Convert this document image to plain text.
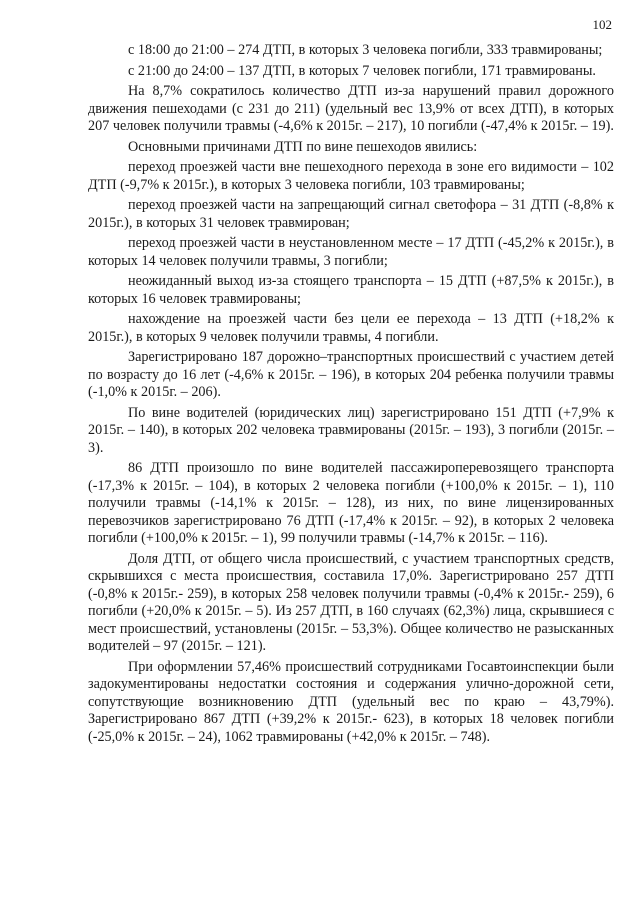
102

с 18:00 до 21:00 – 274 ДТП, в которых 3 человека погибли, 333 травмированы;

с 21:00 до 24:00 – 137 ДТП, в которых 7 человек погибли, 171 травмированы.

На 8,7% сократилось количество ДТП из-за нарушений правил дорожного движения пешеходами (с 231 до 211) (удельный вес 13,9% от всех ДТП), в которых 207 человек получили травмы (-4,6% к 2015г. – 217), 10 погибли (-47,4% к 2015г. – 19).

Основными причинами ДТП по вине пешеходов явились:

переход проезжей части вне пешеходного перехода в зоне его видимости – 102 ДТП (-9,7% к 2015г.), в которых 3 человека погибли, 103 травмированы;

переход проезжей части на запрещающий сигнал светофора – 31 ДТП (-8,8% к 2015г.), в которых 31 человек травмирован;

переход проезжей части в неустановленном месте – 17 ДТП (-45,2% к 2015г.), в которых 14 человек получили травмы, 3 погибли;

неожиданный выход из-за стоящего транспорта – 15 ДТП (+87,5% к 2015г.), в которых 16 человек травмированы;

нахождение на проезжей части без цели ее перехода – 13 ДТП (+18,2% к 2015г.), в которых 9 человек получили травмы, 4 погибли.

Зарегистрировано 187 дорожно–транспортных происшествий с участием детей по возрасту до 16 лет (-4,6% к 2015г. – 196), в которых 204 ребенка получили травмы (-1,0% к 2015г. – 206).

По вине водителей (юридических лиц) зарегистрировано 151 ДТП (+7,9% к 2015г. – 140), в которых 202 человека травмированы (2015г. – 193), 3 погибли (2015г. – 3).

86 ДТП произошло по вине водителей пассажироперевозящего транспорта (-17,3% к 2015г. – 104), в которых 2 человека погибли (+100,0% к 2015г. – 1), 110 получили травмы (-14,1% к 2015г. – 128), из них, по вине лицензированных перевозчиков зарегистрировано 76 ДТП (-17,4% к 2015г. – 92), в которых 2 человека погибли (+100,0% к 2015г. – 1), 99 получили травмы (-14,7% к 2015г. – 116).

Доля ДТП, от общего числа происшествий, с участием транспортных средств, скрывшихся с места происшествия, составила 17,0%. Зарегистрировано 257 ДТП (-0,8% к 2015г.- 259), в которых 258 человек получили травмы (-0,4% к 2015г.- 259), 6 погибли (+20,0% к 2015г. – 5). Из 257 ДТП, в 160 случаях (62,3%) лица, скрывшиеся с мест происшествий, установлены (2015г. – 53,3%). Общее количество не разысканных водителей – 97 (2015г. – 121).

При оформлении 57,46% происшествий сотрудниками Госавтоинспекции были задокументированы недостатки состояния и содержания улично-дорожной сети, сопутствующие возникновению ДТП (удельный вес по краю – 43,79%). Зарегистрировано 867 ДТП (+39,2% к 2015г.- 623), в которых 18 человек погибли (-25,0% к 2015г. – 24), 1062 травмированы (+42,0% к 2015г. – 748).
